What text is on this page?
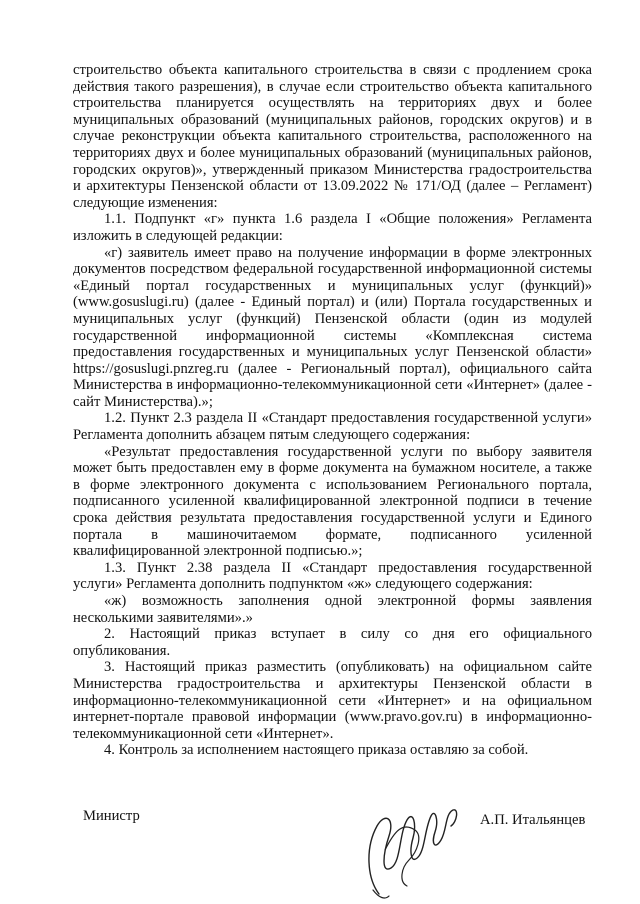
строительство объекта капитального строительства в связи с продлением срока действия такого разрешения), в случае если строительство объекта капитального строительства планируется осуществлять на территориях двух и более муниципальных образований (муниципальных районов, городских округов) и в случае реконструкции объекта капитального строительства, расположенного на территориях двух и более муниципальных образований (муниципальных районов, городских округов)», утвержденный приказом Министерства градостроительства и архитектуры Пензенской области от 13.09.2022 № 171/ОД (далее – Регламент) следующие изменения:

1.1. Подпункт «г» пункта 1.6 раздела I «Общие положения» Регламента изложить в следующей редакции:

«г) заявитель имеет право на получение информации в форме электронных документов посредством федеральной государственной информационной системы «Единый портал государственных и муниципальных услуг (функций)» (www.gosuslugi.ru) (далее - Единый портал) и (или) Портала государственных и муниципальных услуг (функций) Пензенской области (один из модулей государственной информационной системы «Комплексная система предоставления государственных и муниципальных услуг Пензенской области» https://gosuslugi.pnzreg.ru (далее - Региональный портал), официального сайта Министерства в информационно-телекоммуникационной сети «Интернет» (далее - сайт Министерства).»;

1.2. Пункт 2.3 раздела II «Стандарт предоставления государственной услуги» Регламента дополнить абзацем пятым следующего содержания:

«Результат предоставления государственной услуги по выбору заявителя может быть предоставлен ему в форме документа на бумажном носителе, а также в форме электронного документа с использованием Регионального портала, подписанного усиленной квалифицированной электронной подписи в течение срока действия результата предоставления государственной услуги и Единого портала в машиночитаемом формате, подписанного усиленной квалифицированной электронной подписью.»;

1.3. Пункт 2.38 раздела II «Стандарт предоставления государственной услуги» Регламента дополнить подпунктом «ж» следующего содержания:

«ж) возможность заполнения одной электронной формы заявления несколькими заявителями».»

2. Настоящий приказ вступает в силу со дня его официального опубликования.

3. Настоящий приказ разместить (опубликовать) на официальном сайте Министерства градостроительства и архитектуры Пензенской области в информационно-телекоммуникационной сети «Интернет» и на официальном интернет-портале правовой информации (www.pravo.gov.ru) в информационно-телекоммуникационной сети «Интернет».

4. Контроль за исполнением настоящего приказа оставляю за собой.

Министр	А.П. Итальянцев
